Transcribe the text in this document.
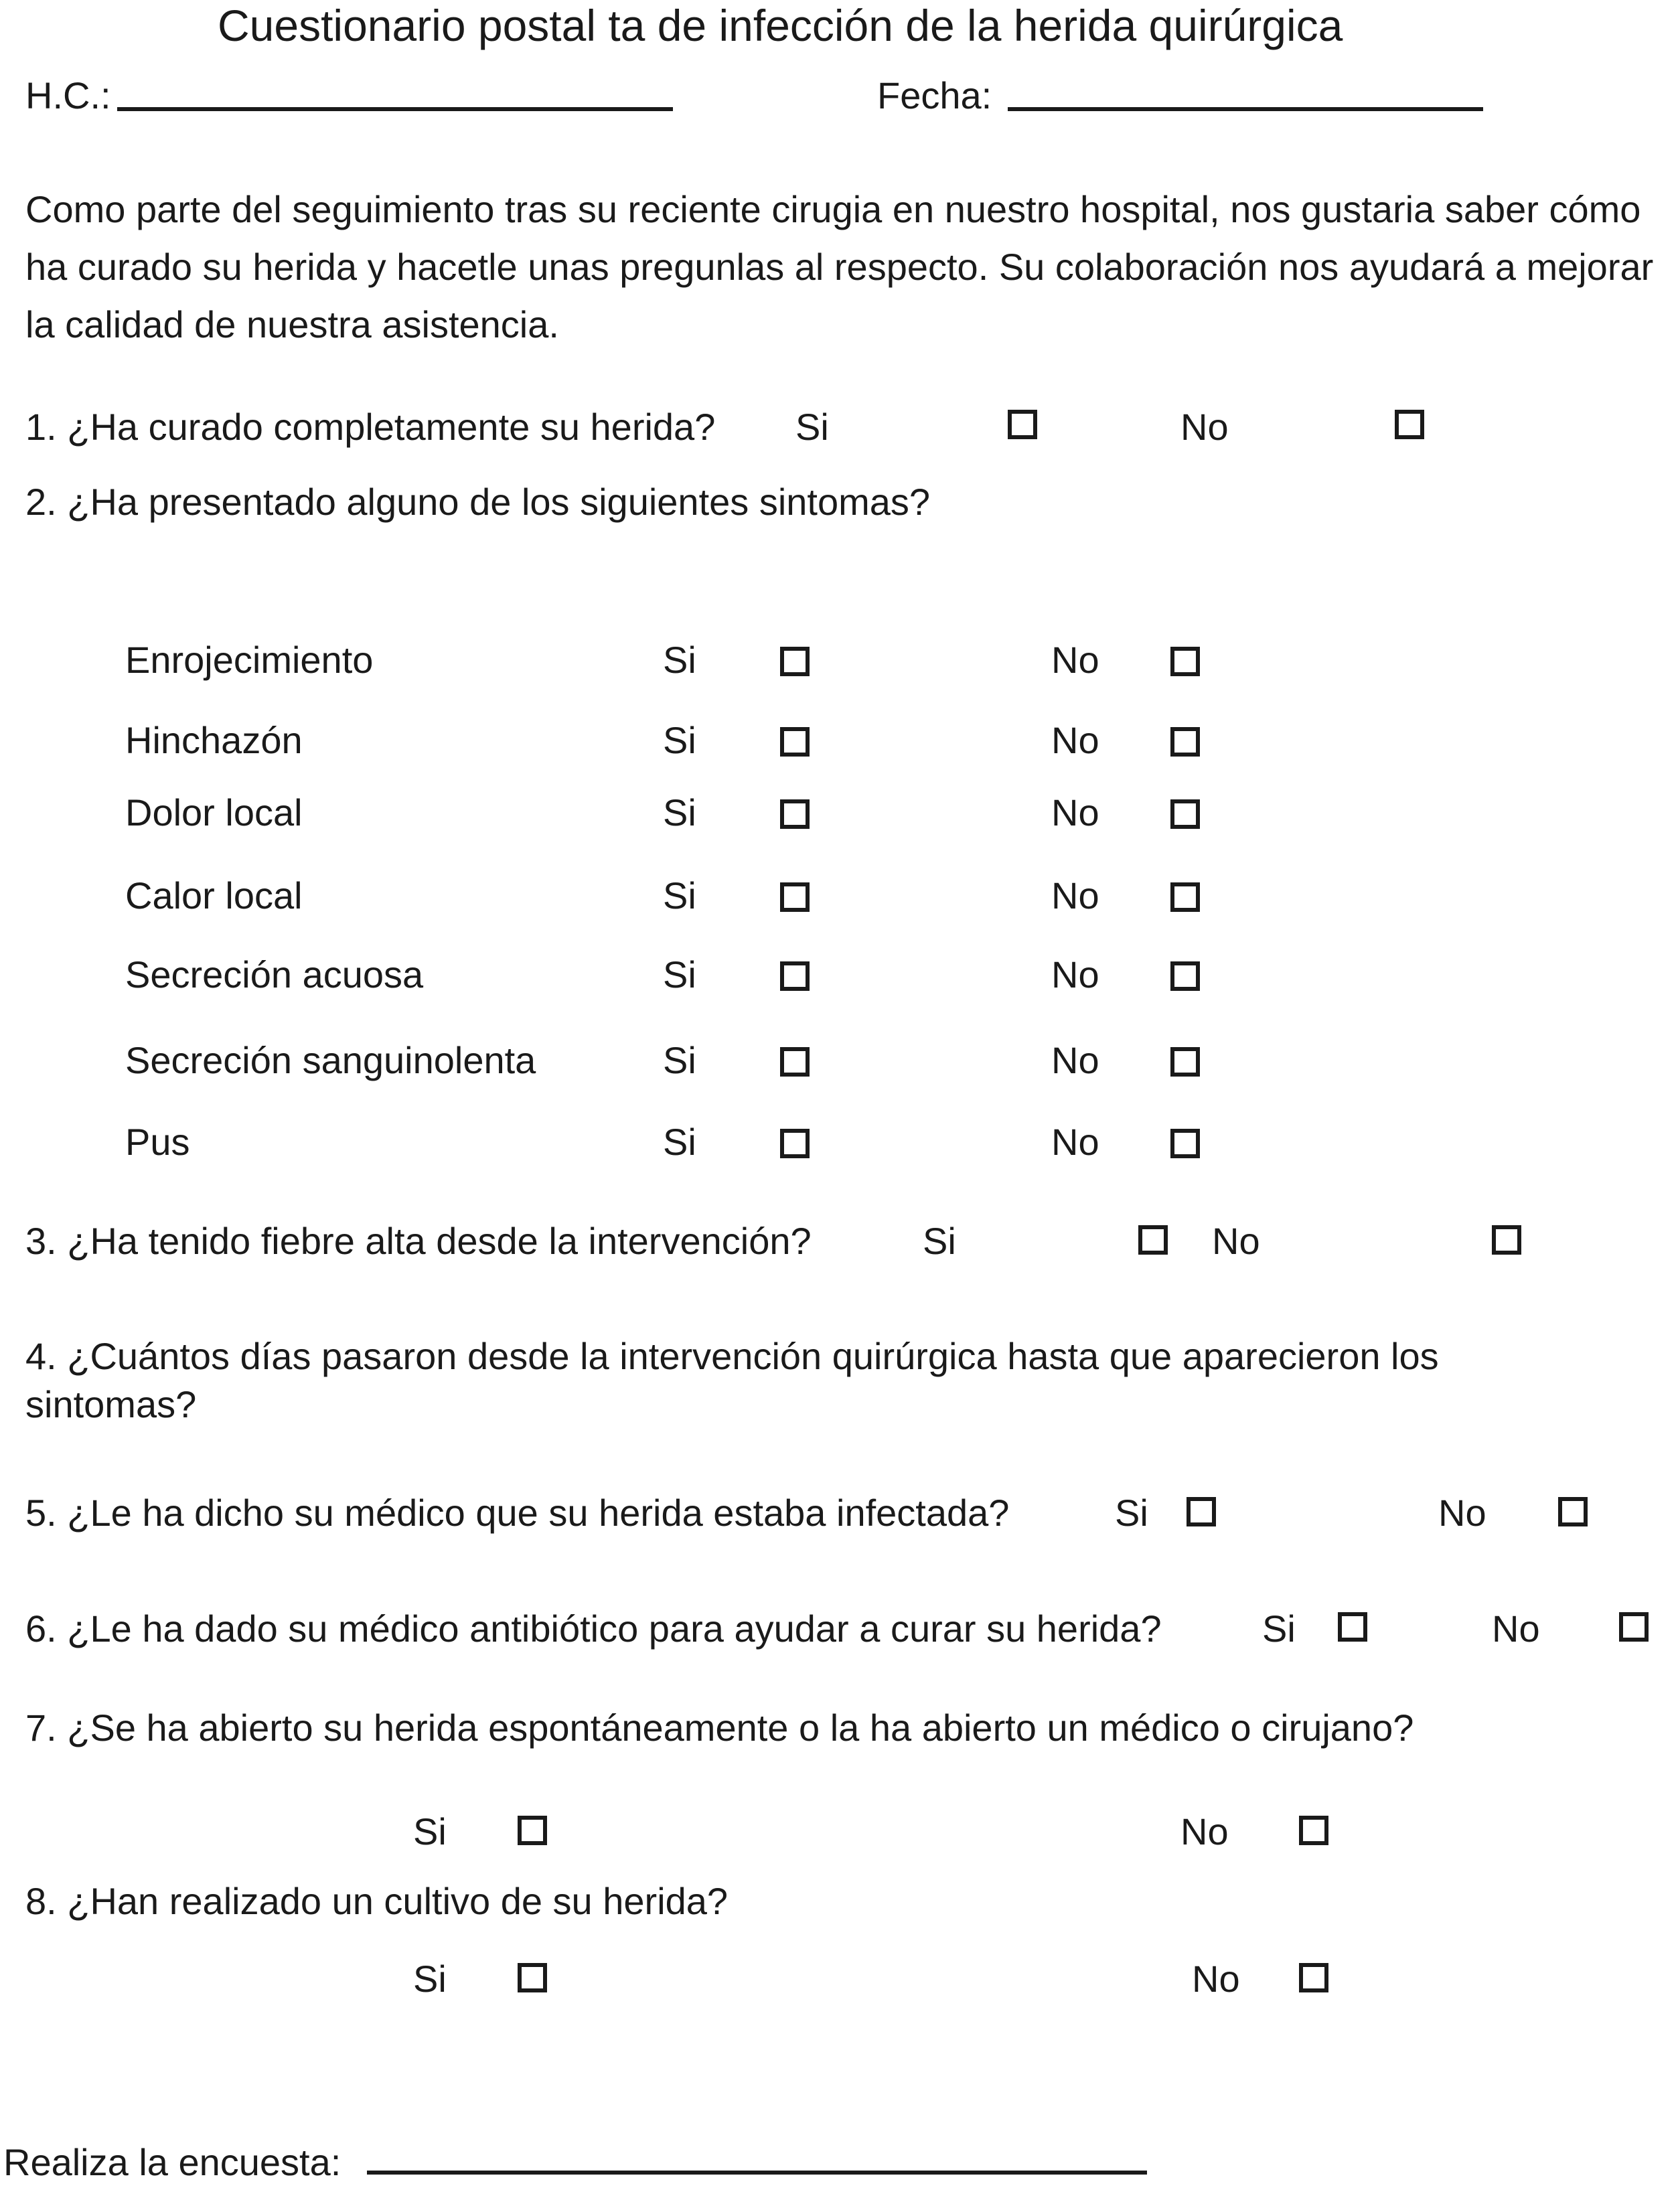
Cuestionario postal ta de infección de la herida quirúrgica
H.C.:	Fecha:
Como parte del seguimiento tras su reciente cirugia en nuestro hospital, nos gustaria saber cómo ha curado su herida y hacetle unas pregunlas al respecto. Su colaboración nos ayudará a mejorar la calidad de nuestra asistencia.
1. ¿Ha curado completamente su herida? Si	No
2. ¿Ha presentado alguno de los siguientes sintomas?
Enrojecimiento	Si	No
Hinchazón	Si	No
Dolor local	Si	No
Calor local	Si	No
Secreción acuosa	Si	No
Secreción sanguinolenta	Si	No
Pus	Si	No
3. ¿Ha tenido fiebre alta desde la intervención?	Si	No
4. ¿Cuántos días pasaron desde la intervención quirúrgica hasta que aparecieron los sintomas?
5. ¿Le ha dicho su médico que su herida estaba infectada?	Si	No
6. ¿Le ha dado su médico antibiótico para ayudar a curar su herida?	Si	No
7. ¿Se ha abierto su herida espontáneamente o la ha abierto un médico o cirujano?
Si	No
8. ¿Han realizado un cultivo de su herida?
Si	No
Realiza la encuesta:
